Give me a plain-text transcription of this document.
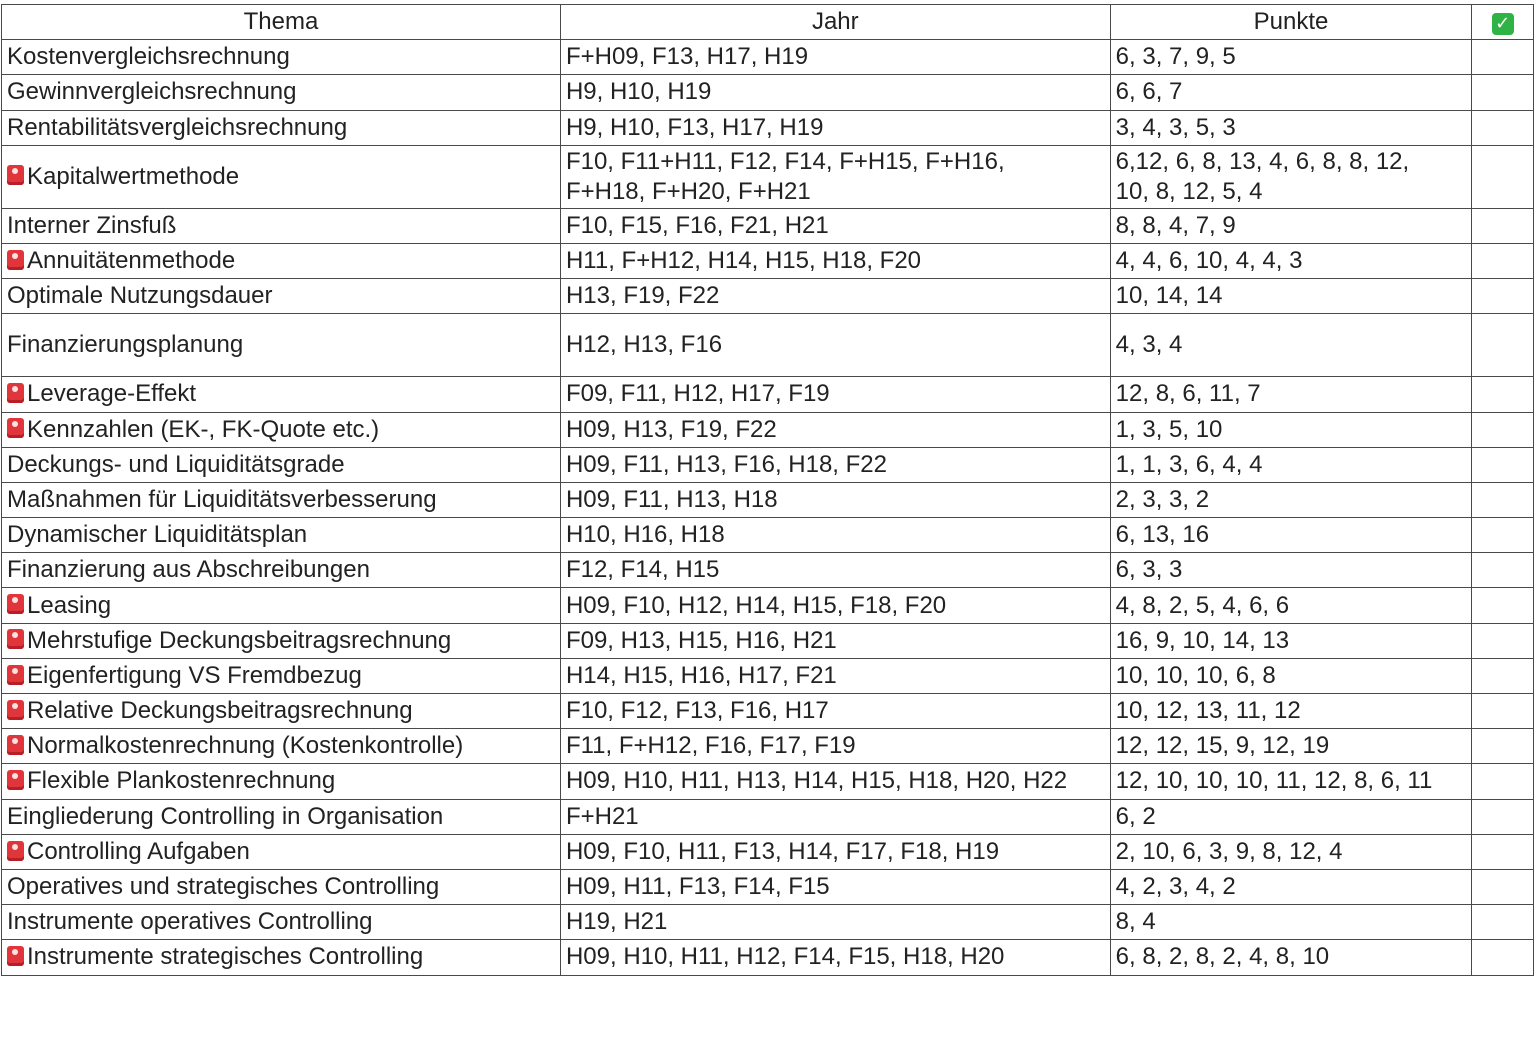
Thema	Jahr	Punkte	✓
Kostenvergleichsrechnung	F+H09, F13, H17, H19	6, 3, 7, 9, 5	

Gewinnvergleichsrechnung	H9, H10, H19	6, 6, 7	

Rentabilitätsvergleichsrechnung	H9, H10, F13, H17, H19	3, 4, 3, 5, 3	

Kapitalwertmethode	F10, F11+H11, F12, F14, F+H15, F+H16,
F+H18, F+H20, F+H21	6,12, 6, 8, 13, 4, 6, 8, 8, 12,
10, 8, 12, 5, 4	

Interner Zinsfuß	F10, F15, F16, F21, H21	8, 8, 4, 7, 9	

Annuitätenmethode	H11, F+H12, H14, H15, H18, F20	4, 4, 6, 10, 4, 4, 3	

Optimale Nutzungsdauer	H13, F19, F22	10, 14, 14	

Finanzierungsplanung	H12, H13, F16	4, 3, 4	

Leverage-Effekt	F09, F11, H12, H17, F19	12, 8, 6, 11, 7	

Kennzahlen (EK-, FK-Quote etc.)	H09, H13, F19, F22	1, 3, 5, 10	

Deckungs- und Liquiditätsgrade	H09, F11, H13, F16, H18, F22	1, 1, 3, 6, 4, 4	

Maßnahmen für Liquiditätsverbesserung	H09, F11, H13, H18	2, 3, 3, 2	

Dynamischer Liquiditätsplan	H10, H16, H18	6, 13, 16	

Finanzierung aus Abschreibungen	F12, F14, H15	6, 3, 3	

Leasing	H09, F10, H12, H14, H15, F18, F20	4, 8, 2, 5, 4, 6, 6	

Mehrstufige Deckungsbeitragsrechnung	F09, H13, H15, H16, H21	16, 9, 10, 14, 13	

Eigenfertigung VS Fremdbezug	H14, H15, H16, H17, F21	10, 10, 10, 6, 8	

Relative Deckungsbeitragsrechnung	F10, F12, F13, F16, H17	10, 12, 13, 11, 12	

Normalkostenrechnung (Kostenkontrolle)	F11, F+H12, F16, F17, F19	12, 12, 15, 9, 12, 19	

Flexible Plankostenrechnung	H09, H10, H11, H13, H14, H15, H18, H20, H22	12, 10, 10, 10, 11, 12, 8, 6, 11	

Eingliederung Controlling in Organisation	F+H21	6, 2	

Controlling Aufgaben	H09, F10, H11, F13, H14, F17, F18, H19	2, 10, 6, 3, 9, 8, 12, 4	

Operatives und strategisches Controlling	H09, H11, F13, F14, F15	4, 2, 3, 4, 2	

Instrumente operatives Controlling	H19, H21	8, 4	

Instrumente strategisches Controlling	H09, H10, H11, H12, F14, F15, H18, H20	6, 8, 2, 8, 2, 4, 8, 10	
